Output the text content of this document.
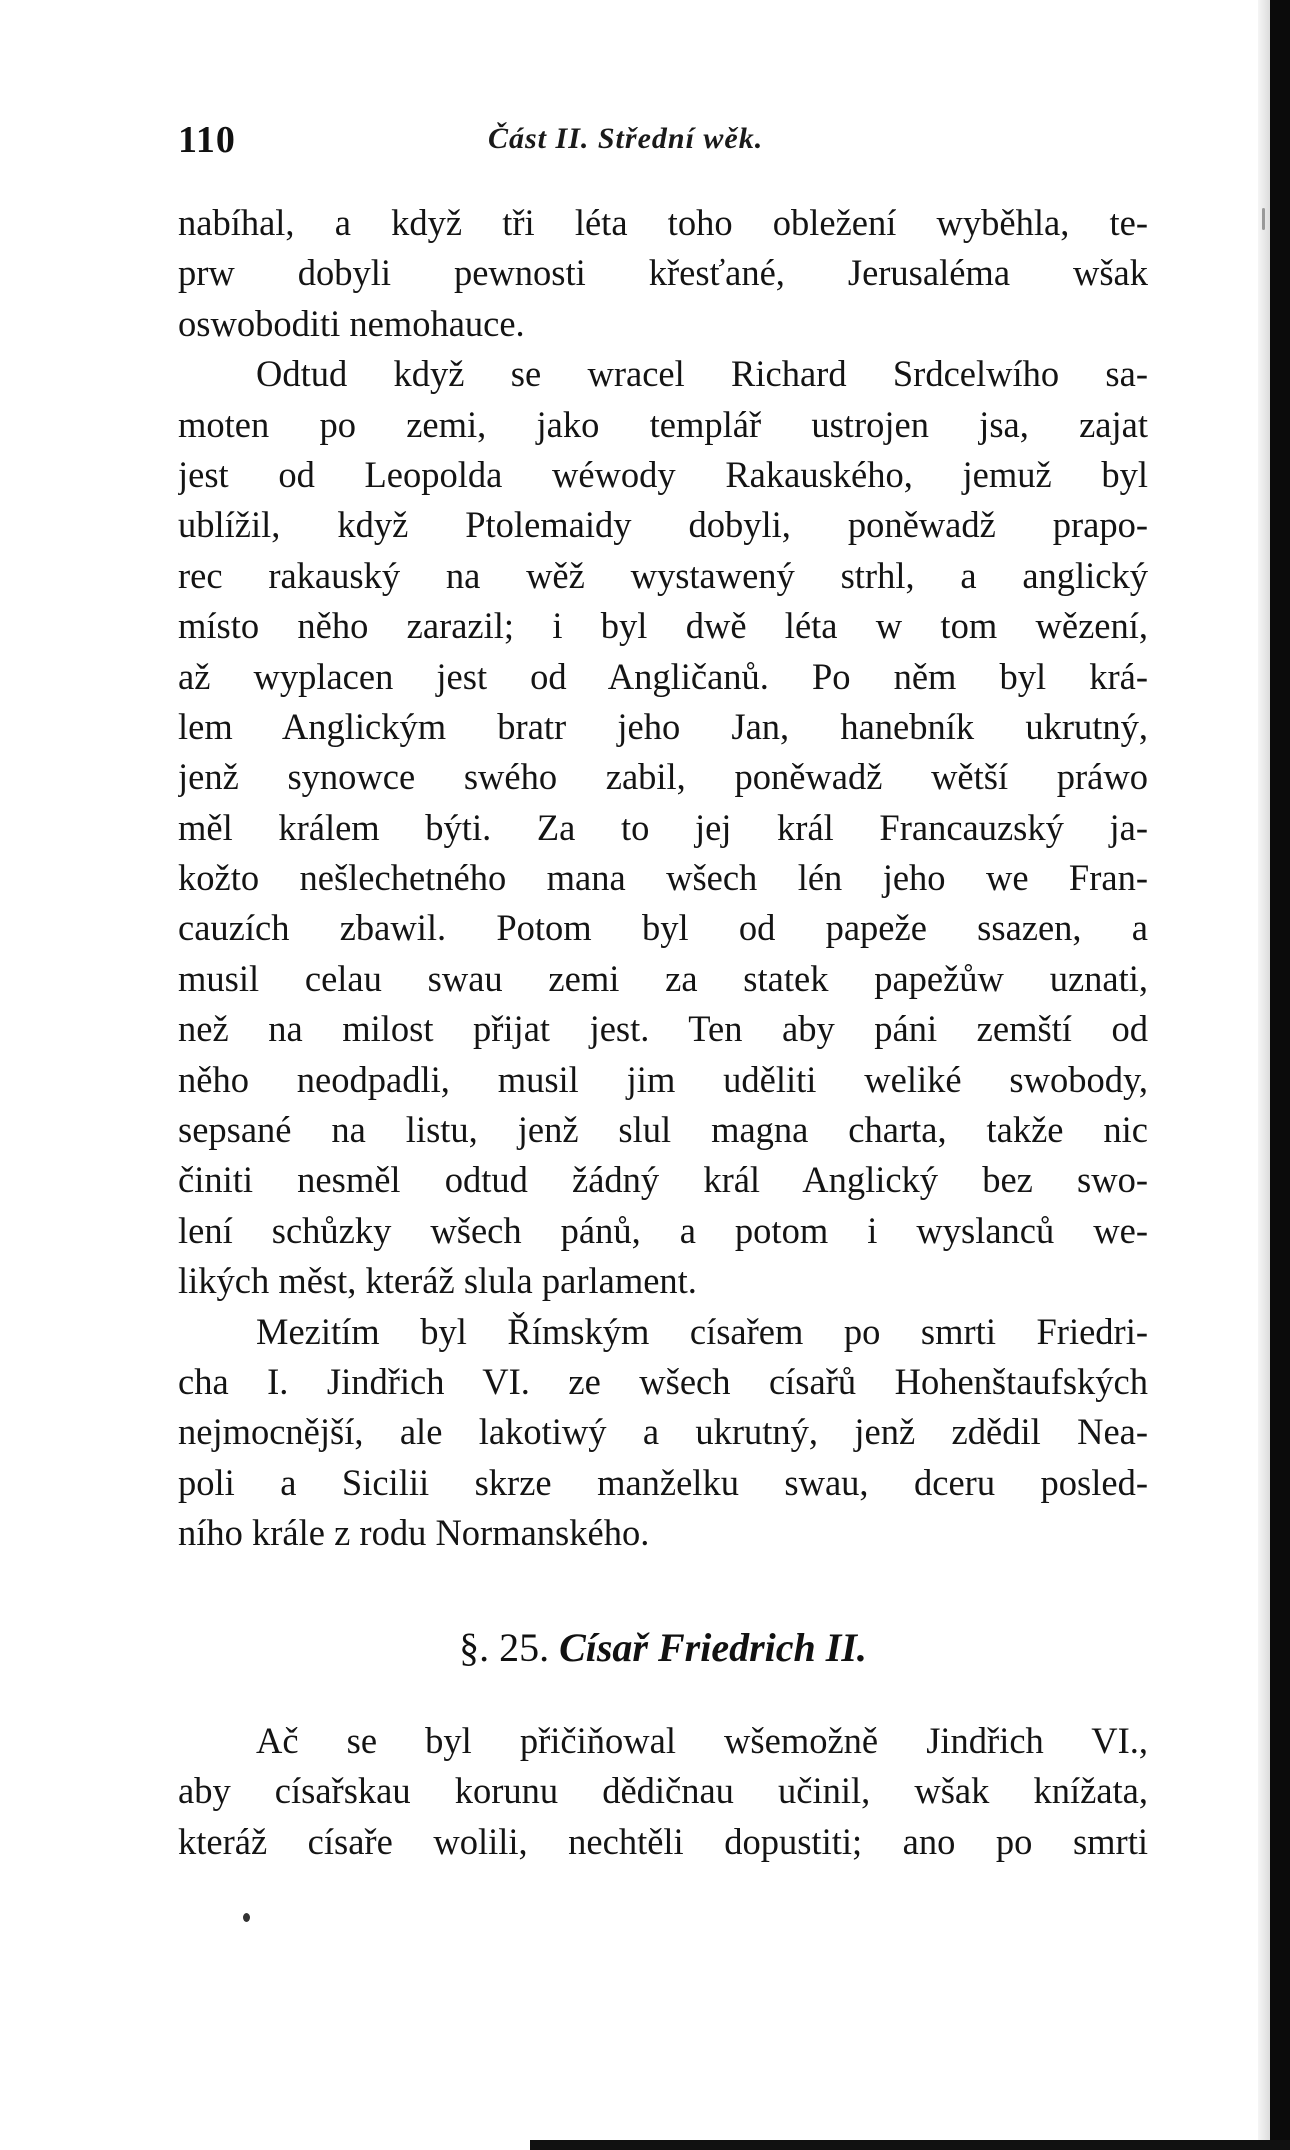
110	Část II. Střední wěk.
nabíhal, a když tři léta toho obležení wyběhla, te-
prw dobyli pewnosti křesťané, Jerusaléma wšak
oswoboditi nemohauce.
Odtud když se wracel Richard Srdcelwího sa-
moten po zemi, jako templář ustrojen jsa, zajat
jest od Leopolda wéwody Rakauského, jemuž byl
ublížil, když Ptolemaidy dobyli, poněwadž prapo-
rec rakauský na wěž wystawený strhl, a anglický
místo něho zarazil; i byl dwě léta w tom wězení,
až wyplacen jest od Angličanů. Po něm byl krá-
lem Anglickým bratr jeho Jan, hanebník ukrutný,
jenž synowce swého zabil, poněwadž wětší práwo
měl králem býti. Za to jej král Francauzský ja-
kožto nešlechetného mana wšech lén jeho we Fran-
cauzích zbawil. Potom byl od papeže ssazen, a
musil celau swau zemi za statek papežůw uznati,
než na milost přijat jest. Ten aby páni zemští od
něho neodpadli, musil jim uděliti weliké swobody,
sepsané na listu, jenž slul magna charta, takže nic
činiti nesměl odtud žádný král Anglický bez swo-
lení schůzky wšech pánů, a potom i wyslanců we-
likých měst, kteráž slula parlament.
Mezitím byl Římským císařem po smrti Friedri-
cha I. Jindřich VI. ze wšech císařů Hohenštaufských
nejmocnější, ale lakotiwý a ukrutný, jenž zdědil Nea-
poli a Sicilii skrze manželku swau, dceru posled-
ního krále z rodu Normanského.
§. 25. Císař Friedrich II.
Ač se byl přičiňowal wšemožně Jindřich VI.,
aby císařskau korunu dědičnau učinil, wšak knížata,
kteráž císaře wolili, nechtěli dopustiti; ano po smrti
